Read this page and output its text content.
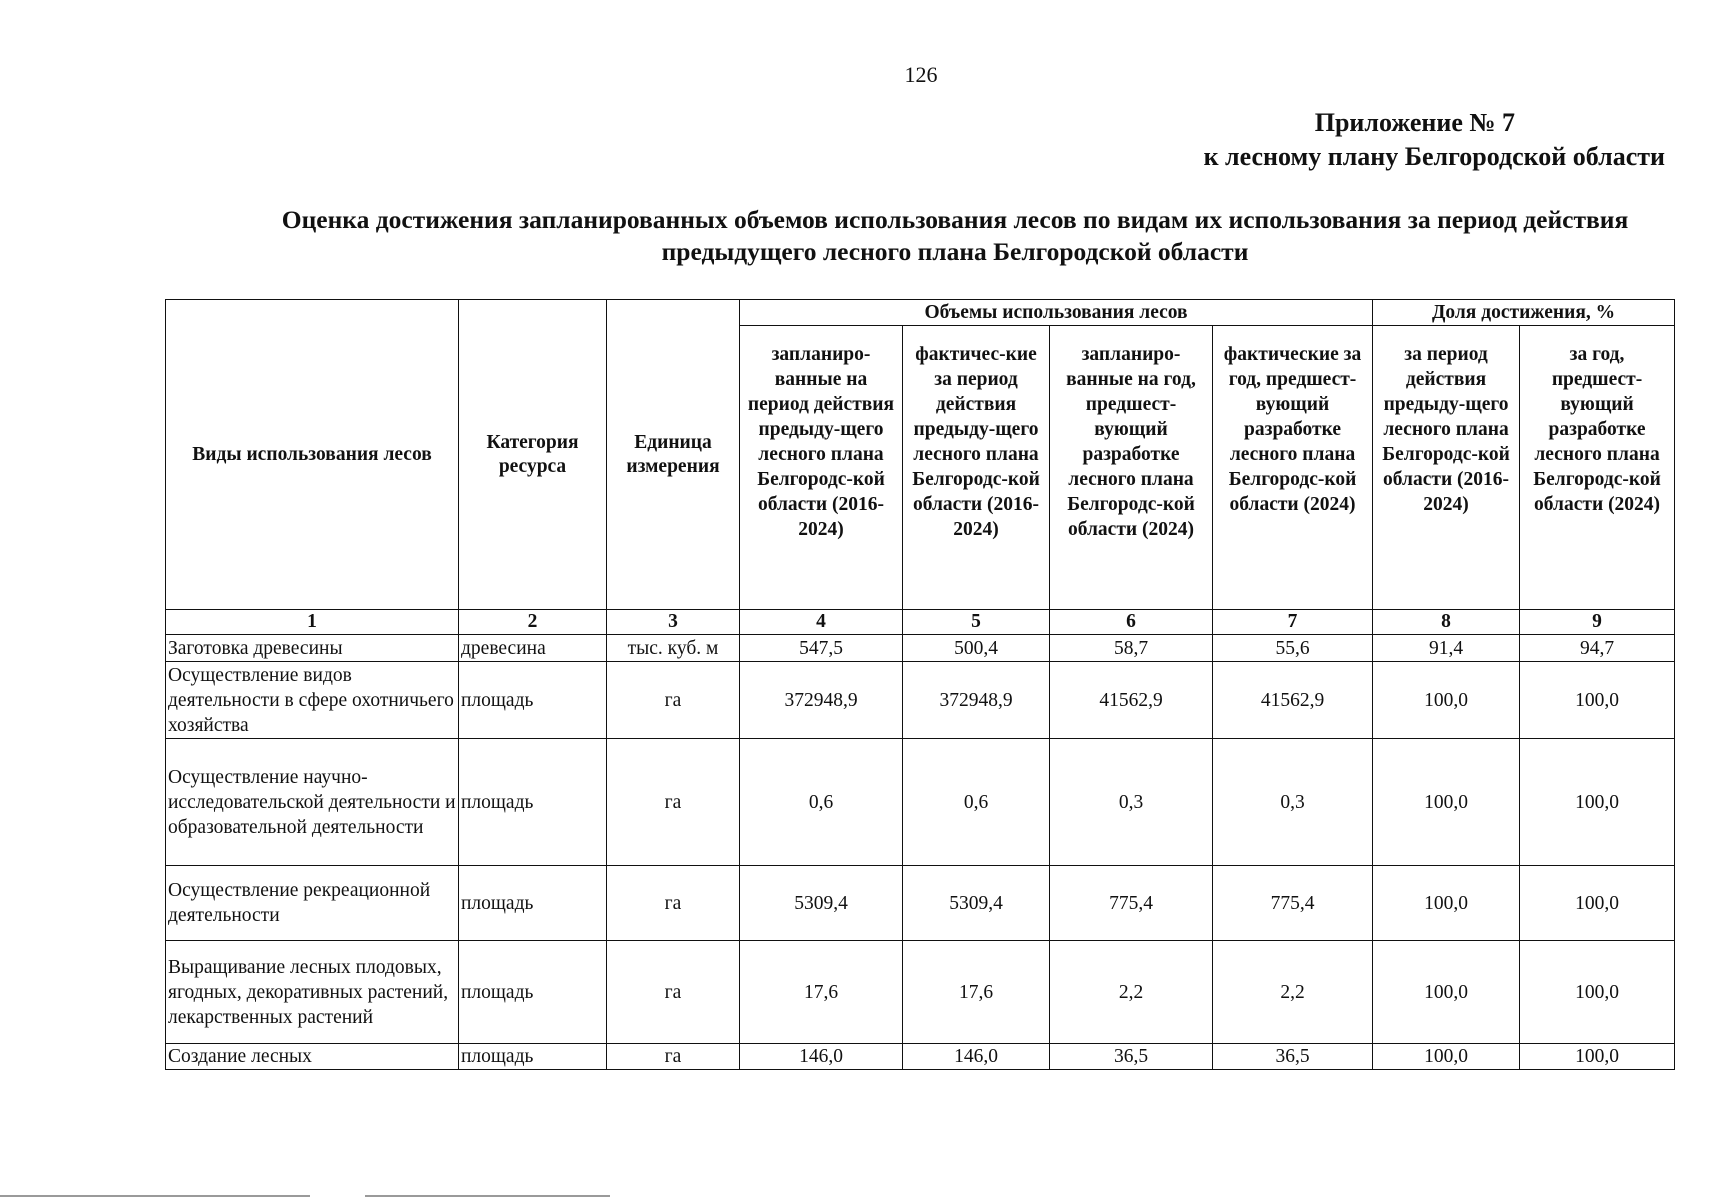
126
Приложение № 7
к лесному плану Белгородской области
Оценка достижения запланированных объемов использования лесов по видам их использования за период действия предыдущего лесного плана Белгородской области
Виды использования лесов	Категория ресурса	Единица измерения	Объемы использования лесов				Доля достижения, %	
			запланиро-ванные на период действия предыду-щего лесного плана Белгородс-кой области (2016-2024)	фактичес-кие за период действия предыду-щего лесного плана Белгородс-кой области (2016-2024)	запланиро-ванные на год, предшест-вующий разработке лесного плана Белгородс-кой области (2024)	фактические за год, предшест-вующий разработке лесного плана Белгородс-кой области (2024)	за период действия предыду-щего лесного плана Белгородс-кой области (2016-2024)	за год, предшест-вующий разработке лесного плана Белгородс-кой области (2024)
1	2	3	4	5	6	7	8	9
Заготовка древесины	древесина	тыс. куб. м	547,5	500,4	58,7	55,6	91,4	94,7
Осуществление видов деятельности в сфере охотничьего хозяйства	площадь	га	372948,9	372948,9	41562,9	41562,9	100,0	100,0
Осуществление научно-исследовательской деятельности и образовательной деятельности	площадь	га	0,6	0,6	0,3	0,3	100,0	100,0
Осуществление рекреационной деятельности	площадь	га	5309,4	5309,4	775,4	775,4	100,0	100,0
Выращивание лесных плодовых, ягодных, декоративных растений, лекарственных растений	площадь	га	17,6	17,6	2,2	2,2	100,0	100,0
Создание лесных	площадь	га	146,0	146,0	36,5	36,5	100,0	100,0
